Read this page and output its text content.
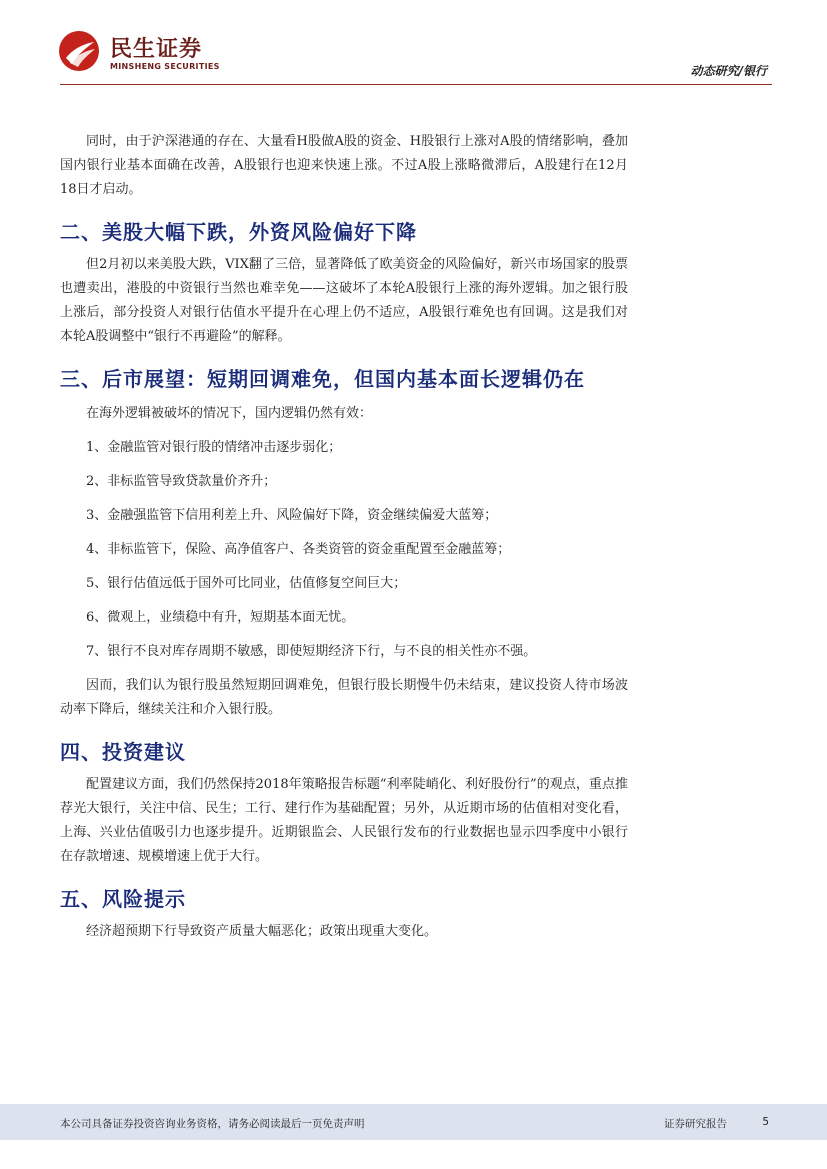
民生证券
MINSHENG SECURITIES	动态研究/银行

同时，由于沪深港通的存在、大量看H股做A股的资金、H股银行上涨对A股的情绪影响，叠加国内银行业基本面确在改善，A股银行也迎来快速上涨。不过A股上涨略微滞后，A股建行在12月18日才启动。

二、美股大幅下跌，外资风险偏好下降

但2月初以来美股大跌，VIX翻了三倍，显著降低了欧美资金的风险偏好，新兴市场国家的股票也遭卖出，港股的中资银行当然也难幸免——这破坏了本轮A股银行上涨的海外逻辑。加之银行股上涨后，部分投资人对银行估值水平提升在心理上仍不适应，A股银行难免也有回调。这是我们对本轮A股调整中“银行不再避险”的解释。

三、后市展望：短期回调难免，但国内基本面长逻辑仍在

在海外逻辑被破坏的情况下，国内逻辑仍然有效：

1、金融监管对银行股的情绪冲击逐步弱化；

2、非标监管导致贷款量价齐升；

3、金融强监管下信用利差上升、风险偏好下降，资金继续偏爱大蓝筹；

4、非标监管下，保险、高净值客户、各类资管的资金重配置至金融蓝筹；

5、银行估值远低于国外可比同业，估值修复空间巨大；

6、微观上，业绩稳中有升，短期基本面无忧。

7、银行不良对库存周期不敏感，即使短期经济下行，与不良的相关性亦不强。

因而，我们认为银行股虽然短期回调难免，但银行股长期慢牛仍未结束，建议投资人待市场波动率下降后，继续关注和介入银行股。

四、投资建议

配置建议方面，我们仍然保持2018年策略报告标题“利率陡峭化、利好股份行”的观点，重点推荐光大银行，关注中信、民生；工行、建行作为基础配置；另外，从近期市场的估值相对变化看，上海、兴业估值吸引力也逐步提升。近期银监会、人民银行发布的行业数据也显示四季度中小银行在存款增速、规模增速上优于大行。

五、风险提示

经济超预期下行导致资产质量大幅恶化；政策出现重大变化。

本公司具备证券投资咨询业务资格，请务必阅读最后一页免责声明	证券研究报告	5
